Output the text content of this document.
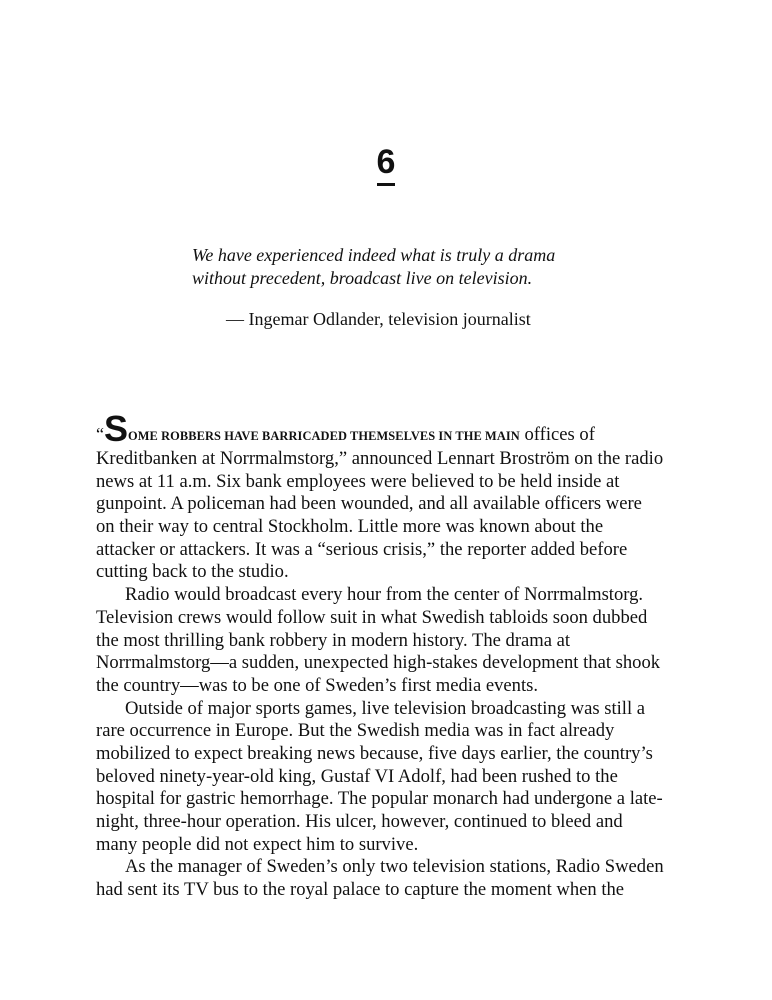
6
We have experienced indeed what is truly a drama
without precedent, broadcast live on television.
— Ingemar Odlander, television journalist
“SOME ROBBERS HAVE BARRICADED THEMSELVES IN THE MAIN offices of
Kreditbanken at Norrmalmstorg,” announced Lennart Broström on the radio
news at 11 a.m. Six bank employees were believed to be held inside at
gunpoint. A policeman had been wounded, and all available officers were
on their way to central Stockholm. Little more was known about the
attacker or attackers. It was a “serious crisis,” the reporter added before
cutting back to the studio.
Radio would broadcast every hour from the center of Norrmalmstorg.
Television crews would follow suit in what Swedish tabloids soon dubbed
the most thrilling bank robbery in modern history. The drama at
Norrmalmstorg—a sudden, unexpected high-stakes development that shook
the country—was to be one of Sweden’s first media events.
Outside of major sports games, live television broadcasting was still a
rare occurrence in Europe. But the Swedish media was in fact already
mobilized to expect breaking news because, five days earlier, the country’s
beloved ninety-year-old king, Gustaf VI Adolf, had been rushed to the
hospital for gastric hemorrhage. The popular monarch had undergone a late-
night, three-hour operation. His ulcer, however, continued to bleed and
many people did not expect him to survive.
As the manager of Sweden’s only two television stations, Radio Sweden
had sent its TV bus to the royal palace to capture the moment when the
